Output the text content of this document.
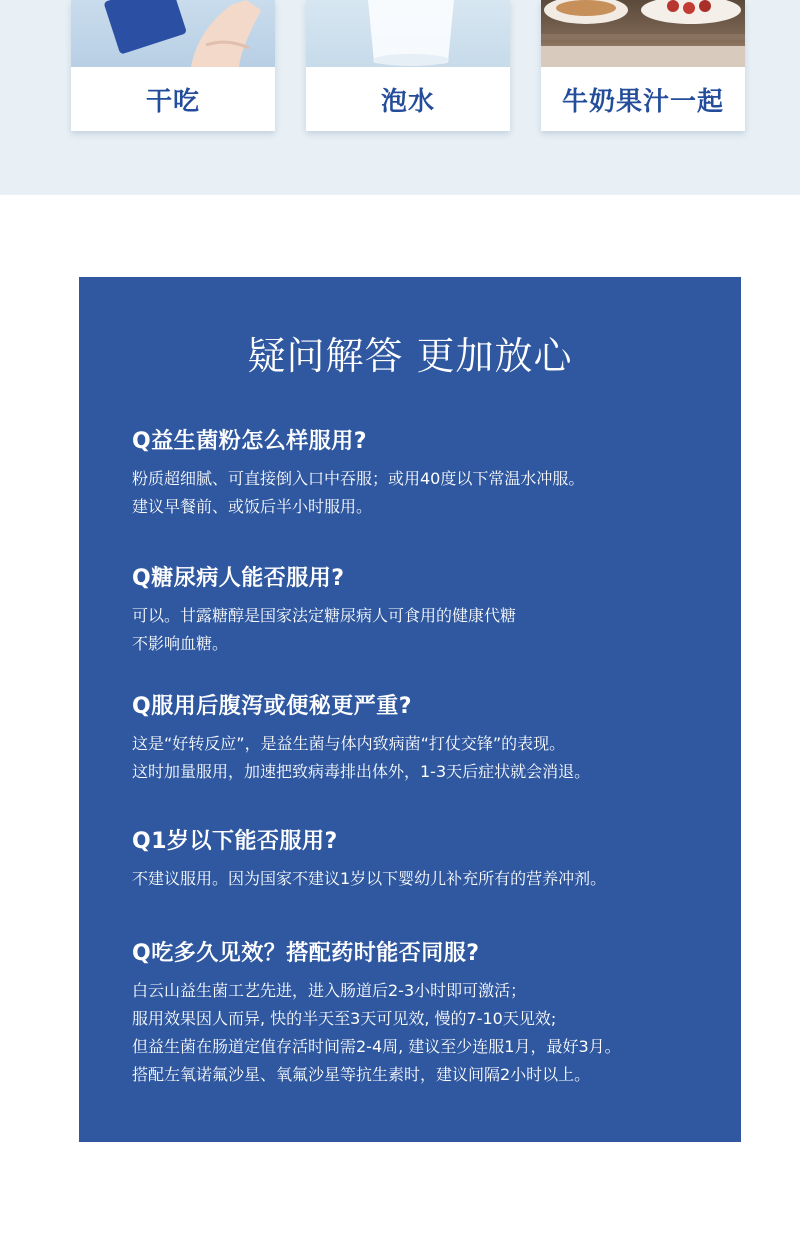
干吃	泡水	牛奶果汁一起
疑问解答 更加放心
Q益生菌粉怎么样服用?
粉质超细腻、可直接倒入口中吞服；或用40度以下常温水冲服。
建议早餐前、或饭后半小时服用。
Q糖尿病人能否服用?
可以。甘露糖醇是国家法定糖尿病人可食用的健康代糖
不影响血糖。
Q服用后腹泻或便秘更严重?
这是“好转反应”，是益生菌与体内致病菌“打仗交锋”的表现。
这时加量服用，加速把致病毒排出体外，1-3天后症状就会消退。
Q1岁以下能否服用?
不建议服用。因为国家不建议1岁以下婴幼儿补充所有的营养冲剂。
Q吃多久见效？搭配药时能否同服?
白云山益生菌工艺先进，进入肠道后2-3小时即可激活；
服用效果因人而异, 快的半天至3天可见效, 慢的7-10天见效;
但益生菌在肠道定值存活时间需2-4周, 建议至少连服1月，最好3月。
搭配左氧诺氟沙星、氧氟沙星等抗生素时，建议间隔2小时以上。
